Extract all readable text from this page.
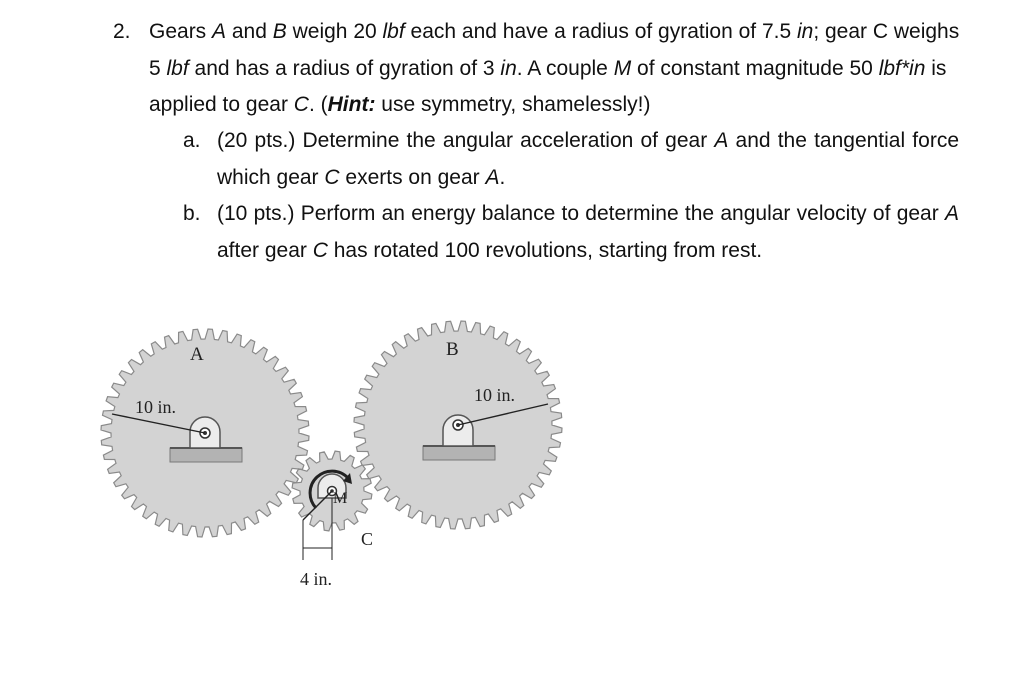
2. Gears A and B weigh 20 lbf each and have a radius of gyration of 7.5 in; gear C weighs 5 lbf and has a radius of gyration of 3 in. A couple M of constant magnitude 50 lbf*in is applied to gear C. (Hint: use symmetry, shamelessly!)
a. (20 pts.) Determine the angular acceleration of gear A and the tangential force which gear C exerts on gear A.
b. (10 pts.) Perform an energy balance to determine the angular velocity of gear A after gear C has rotated 100 revolutions, starting from rest.
A	B
C
M
10 in.
10 in.
4 in.
